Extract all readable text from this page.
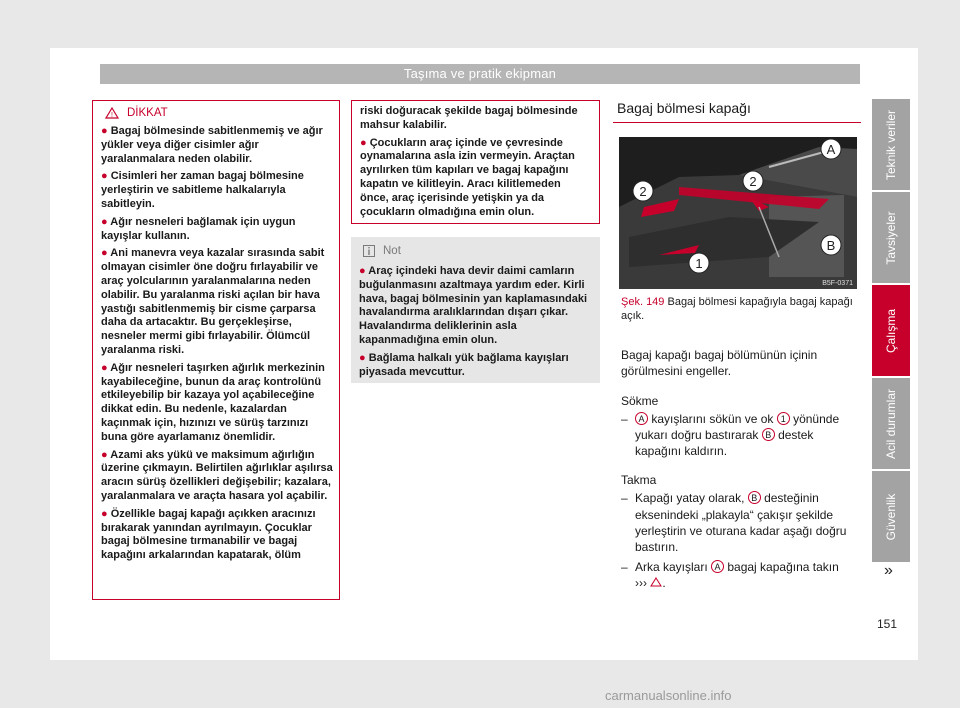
Taşıma ve pratik ekipman
! DİKKAT
● Bagaj bölmesinde sabitlenmemiş ve ağır yükler veya diğer cisimler ağır yaralanmalara neden olabilir.
● Cisimleri her zaman bagaj bölmesine yerleştirin ve sabitleme halkalarıyla sabitleyin.
● Ağır nesneleri bağlamak için uygun kayışlar kullanın.
● Ani manevra veya kazalar sırasında sabit olmayan cisimler öne doğru fırlayabilir ve araç yolcularının yaralanmalarına neden olabilir. Bu yaralanma riski açılan bir hava yastığı sabitlenmemiş bir cisme çarparsa daha da artacaktır. Bu gerçekleşirse, nesneler mermi gibi fırlayabilir. Ölümcül yaralanma riski.
● Ağır nesneleri taşırken ağırlık merkezinin kayabileceğine, bunun da araç kontrolünü etkileyebilip bir kazaya yol açabileceğine dikkat edin. Bu nedenle, kazalardan kaçınmak için, hızınızı ve sürüş tarzınızı buna göre ayarlamanız önemlidir.
● Azami aks yükü ve maksimum ağırlığın üzerine çıkmayın. Belirtilen ağırlıklar aşılırsa aracın sürüş özellikleri değişebilir; kazalara, yaralanmalara ve araçta hasara yol açabilir.
● Özellikle bagaj kapağı açıkken aracınızı bırakarak yanından ayrılmayın. Çocuklar bagaj bölmesine tırmanabilir ve bagaj kapağını arkalarından kapatarak, ölüm
riski doğuracak şekilde bagaj bölmesinde mahsur kalabilir.
● Çocukların araç içinde ve çevresinde oynamalarına asla izin vermeyin. Araçtan ayrılırken tüm kapıları ve bagaj kapağını kapatın ve kilitleyin. Aracı kilitlemeden önce, araç içerisinde yetişkin ya da çocukların olmadığına emin olun.
Not
● Araç içindeki hava devir daimi camların buğulanmasını azaltmaya yardım eder. Kirli hava, bagaj bölmesinin yan kaplamasındaki havalandırma aralıklarından dışarı çıkar. Havalandırma deliklerinin asla kapanmadığına emin olun.
● Bağlama halkalı yük bağlama kayışları piyasada mevcuttur.
Bagaj bölmesi kapağı
A
2
2
B
1
B5F-0371
Şek. 149 Bagaj bölmesi kapağıyla bagaj kapağı açık.

Bagaj kapağı bagaj bölümünün içinin görülmesini engeller.

Sökme
–	A kayışlarını sökün ve ok 1 yönünde yukarı doğru bastırarak B destek kapağını kaldırın.
Takma
– Kapağı yatay olarak, B desteğinin eksenindeki „plakayla“ çakışır şekilde yerleştirin ve oturana kadar aşağı doğru bastırın.
– Arka kayışları A bagaj kapağına takın
››› .
Teknik veriler
Tavsiyeler
Çalışma
Acil durumlar
Güvenlik
»
151
carmanualsonline.info
